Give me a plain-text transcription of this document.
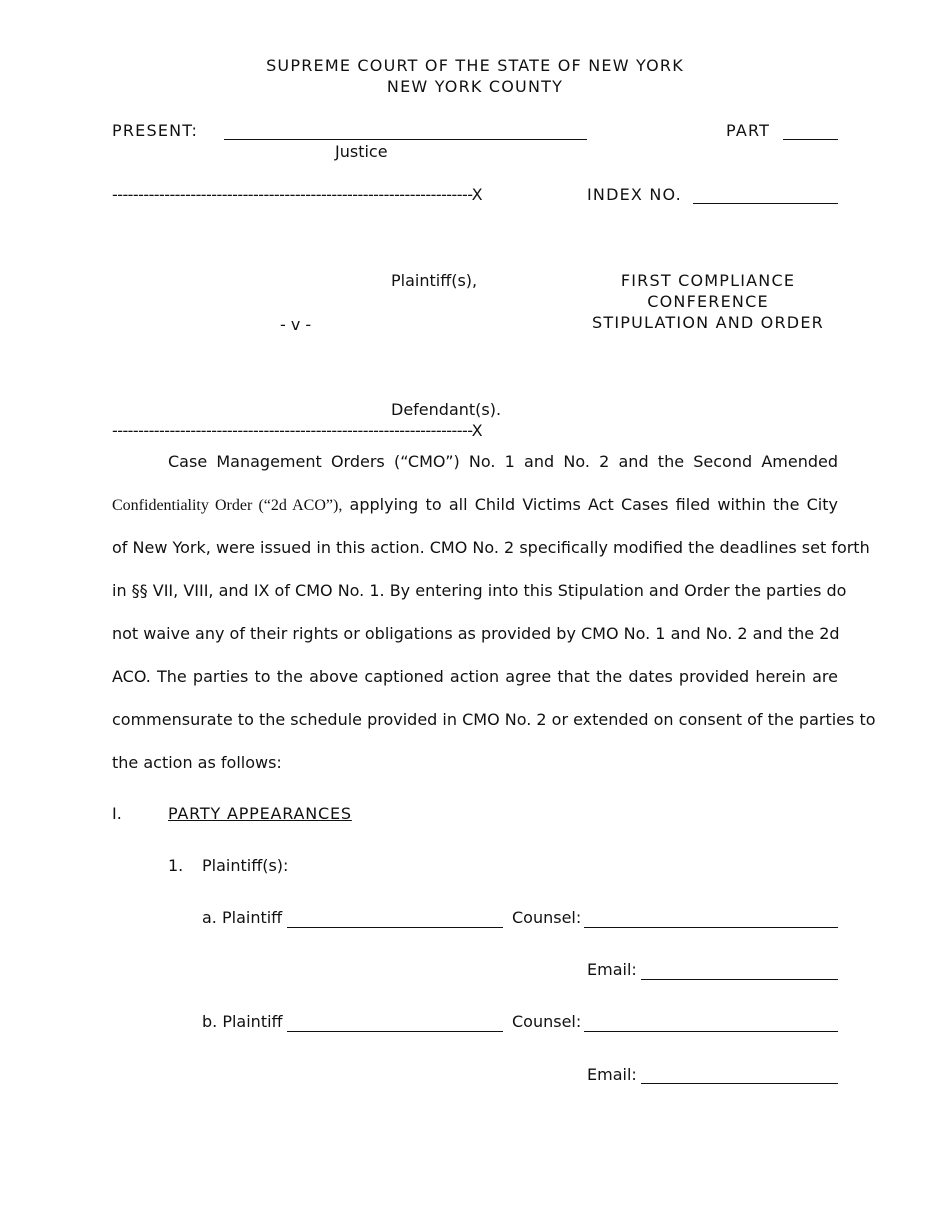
SUPREME COURT OF THE STATE OF NEW YORK
NEW YORK COUNTY
PRESENT:
Justice
PART
---------------------------------------------------------------------X	INDEX NO.
Plaintiff(s),
- v -
Defendant(s).
FIRST COMPLIANCE
CONFERENCE
STIPULATION AND ORDER
---------------------------------------------------------------------X
Case Management Orders (“CMO”) No. 1 and No. 2 and the Second Amended
Confidentiality Order (“2d ACO”), applying to all Child Victims Act Cases filed within the City
of New York, were issued in this action. CMO No. 2 specifically modified the deadlines set forth
in §§ VII, VIII, and IX of CMO No. 1. By entering into this Stipulation and Order the parties do
not waive any of their rights or obligations as provided by CMO No. 1 and No. 2 and the 2d
ACO. The parties to the above captioned action agree that the dates provided herein are
commensurate to the schedule provided in CMO No. 2 or extended on consent of the parties to
the action as follows:
I.	PARTY APPEARANCES
1. Plaintiff(s):
a. Plaintiff	Counsel:
Email:
b. Plaintiff	Counsel:
Email:
